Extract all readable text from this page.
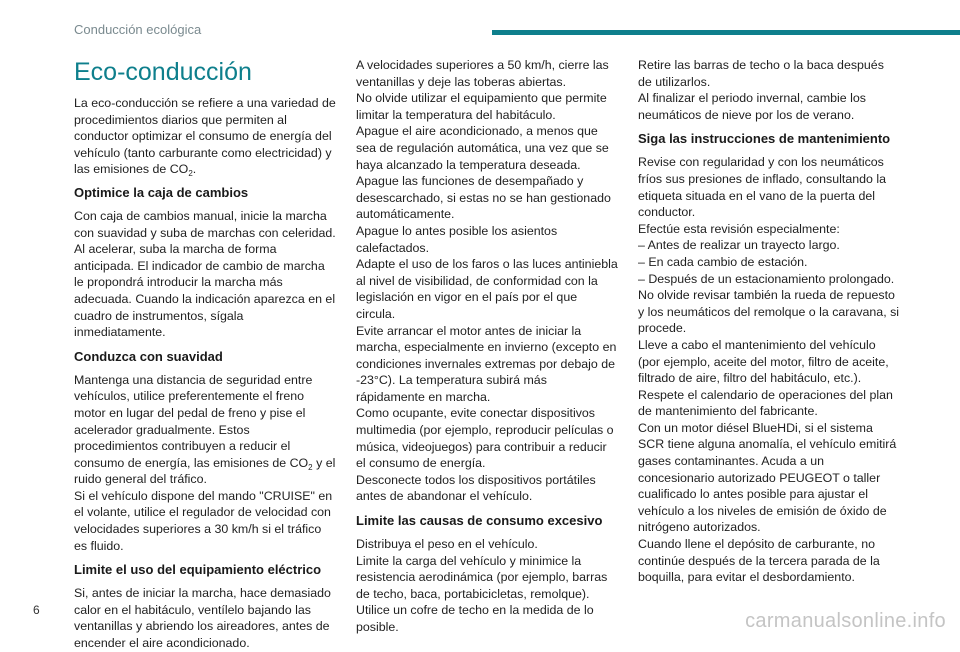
Conducción ecológica
Eco-conducción

La eco-conducción se refiere a una variedad de procedimientos diarios que permiten al conductor optimizar el consumo de energía del vehículo (tanto carburante como electricidad) y las emisiones de $CO_2$.

Optimice la caja de cambios

Con caja de cambios manual, inicie la marcha con suavidad y suba de marchas con celeridad. Al acelerar, suba la marcha de forma anticipada. El indicador de cambio de marcha le propondrá introducir la marcha más adecuada. Cuando la indicación aparezca en el cuadro de instrumentos, sígala inmediatamente.

Conduzca con suavidad

Mantenga una distancia de seguridad entre vehículos, utilice preferentemente el freno motor en lugar del pedal de freno y pise el acelerador gradualmente. Estos procedimientos contribuyen a reducir el consumo de energía, las emisiones de $CO_2$ y el ruido general del tráfico.

Si el vehículo dispone del mando "CRUISE" en el volante, utilice el regulador de velocidad con velocidades superiores a 30 km/h si el tráfico es fluido.

Limite el uso del equipamiento eléctrico

Si, antes de iniciar la marcha, hace demasiado calor en el habitáculo, ventílelo bajando las ventanillas y abriendo los aireadores, antes de encender el aire acondicionado.

A velocidades superiores a 50 km/h, cierre las ventanillas y deje las toberas abiertas.

No olvide utilizar el equipamiento que permite limitar la temperatura del habitáculo.

Apague el aire acondicionado, a menos que sea de regulación automática, una vez que se haya alcanzado la temperatura deseada.

Apague las funciones de desempañado y desescarchado, si estas no se han gestionado automáticamente.

Apague lo antes posible los asientos calefactados.

Adapte el uso de los faros o las luces antiniebla al nivel de visibilidad, de conformidad con la legislación en vigor en el país por el que circula.

Evite arrancar el motor antes de iniciar la marcha, especialmente en invierno (excepto en condiciones invernales extremas por debajo de -23°C). La temperatura subirá más rápidamente en marcha.

Como ocupante, evite conectar dispositivos multimedia (por ejemplo, reproducir películas o música, videojuegos) para contribuir a reducir el consumo de energía.

Desconecte todos los dispositivos portátiles antes de abandonar el vehículo.

Limite las causas de consumo excesivo

Distribuya el peso en el vehículo.

Limite la carga del vehículo y minimice la resistencia aerodinámica (por ejemplo, barras de techo, baca, portabicicletas, remolque). Utilice un cofre de techo en la medida de lo posible.

Retire las barras de techo o la baca después de utilizarlos.

Al finalizar el periodo invernal, cambie los neumáticos de nieve por los de verano.

Siga las instrucciones de mantenimiento

Revise con regularidad y con los neumáticos fríos sus presiones de inflado, consultando la etiqueta situada en el vano de la puerta del conductor.

Efectúe esta revisión especialmente:

– Antes de realizar un trayecto largo.

– En cada cambio de estación.

– Después de un estacionamiento prolongado.

No olvide revisar también la rueda de repuesto y los neumáticos del remolque o la caravana, si procede.

Lleve a cabo el mantenimiento del vehículo (por ejemplo, aceite del motor, filtro de aceite, filtrado de aire, filtro del habitáculo, etc.). Respete el calendario de operaciones del plan de mantenimiento del fabricante.

Con un motor diésel BlueHDi, si el sistema SCR tiene alguna anomalía, el vehículo emitirá gases contaminantes. Acuda a un concesionario autorizado PEUGEOT o taller cualificado lo antes posible para ajustar el vehículo a los niveles de emisión de óxido de nitrógeno autorizados.

Cuando llene el depósito de carburante, no continúe después de la tercera parada de la boquilla, para evitar el desbordamiento.

6	carmanualsonline.info
